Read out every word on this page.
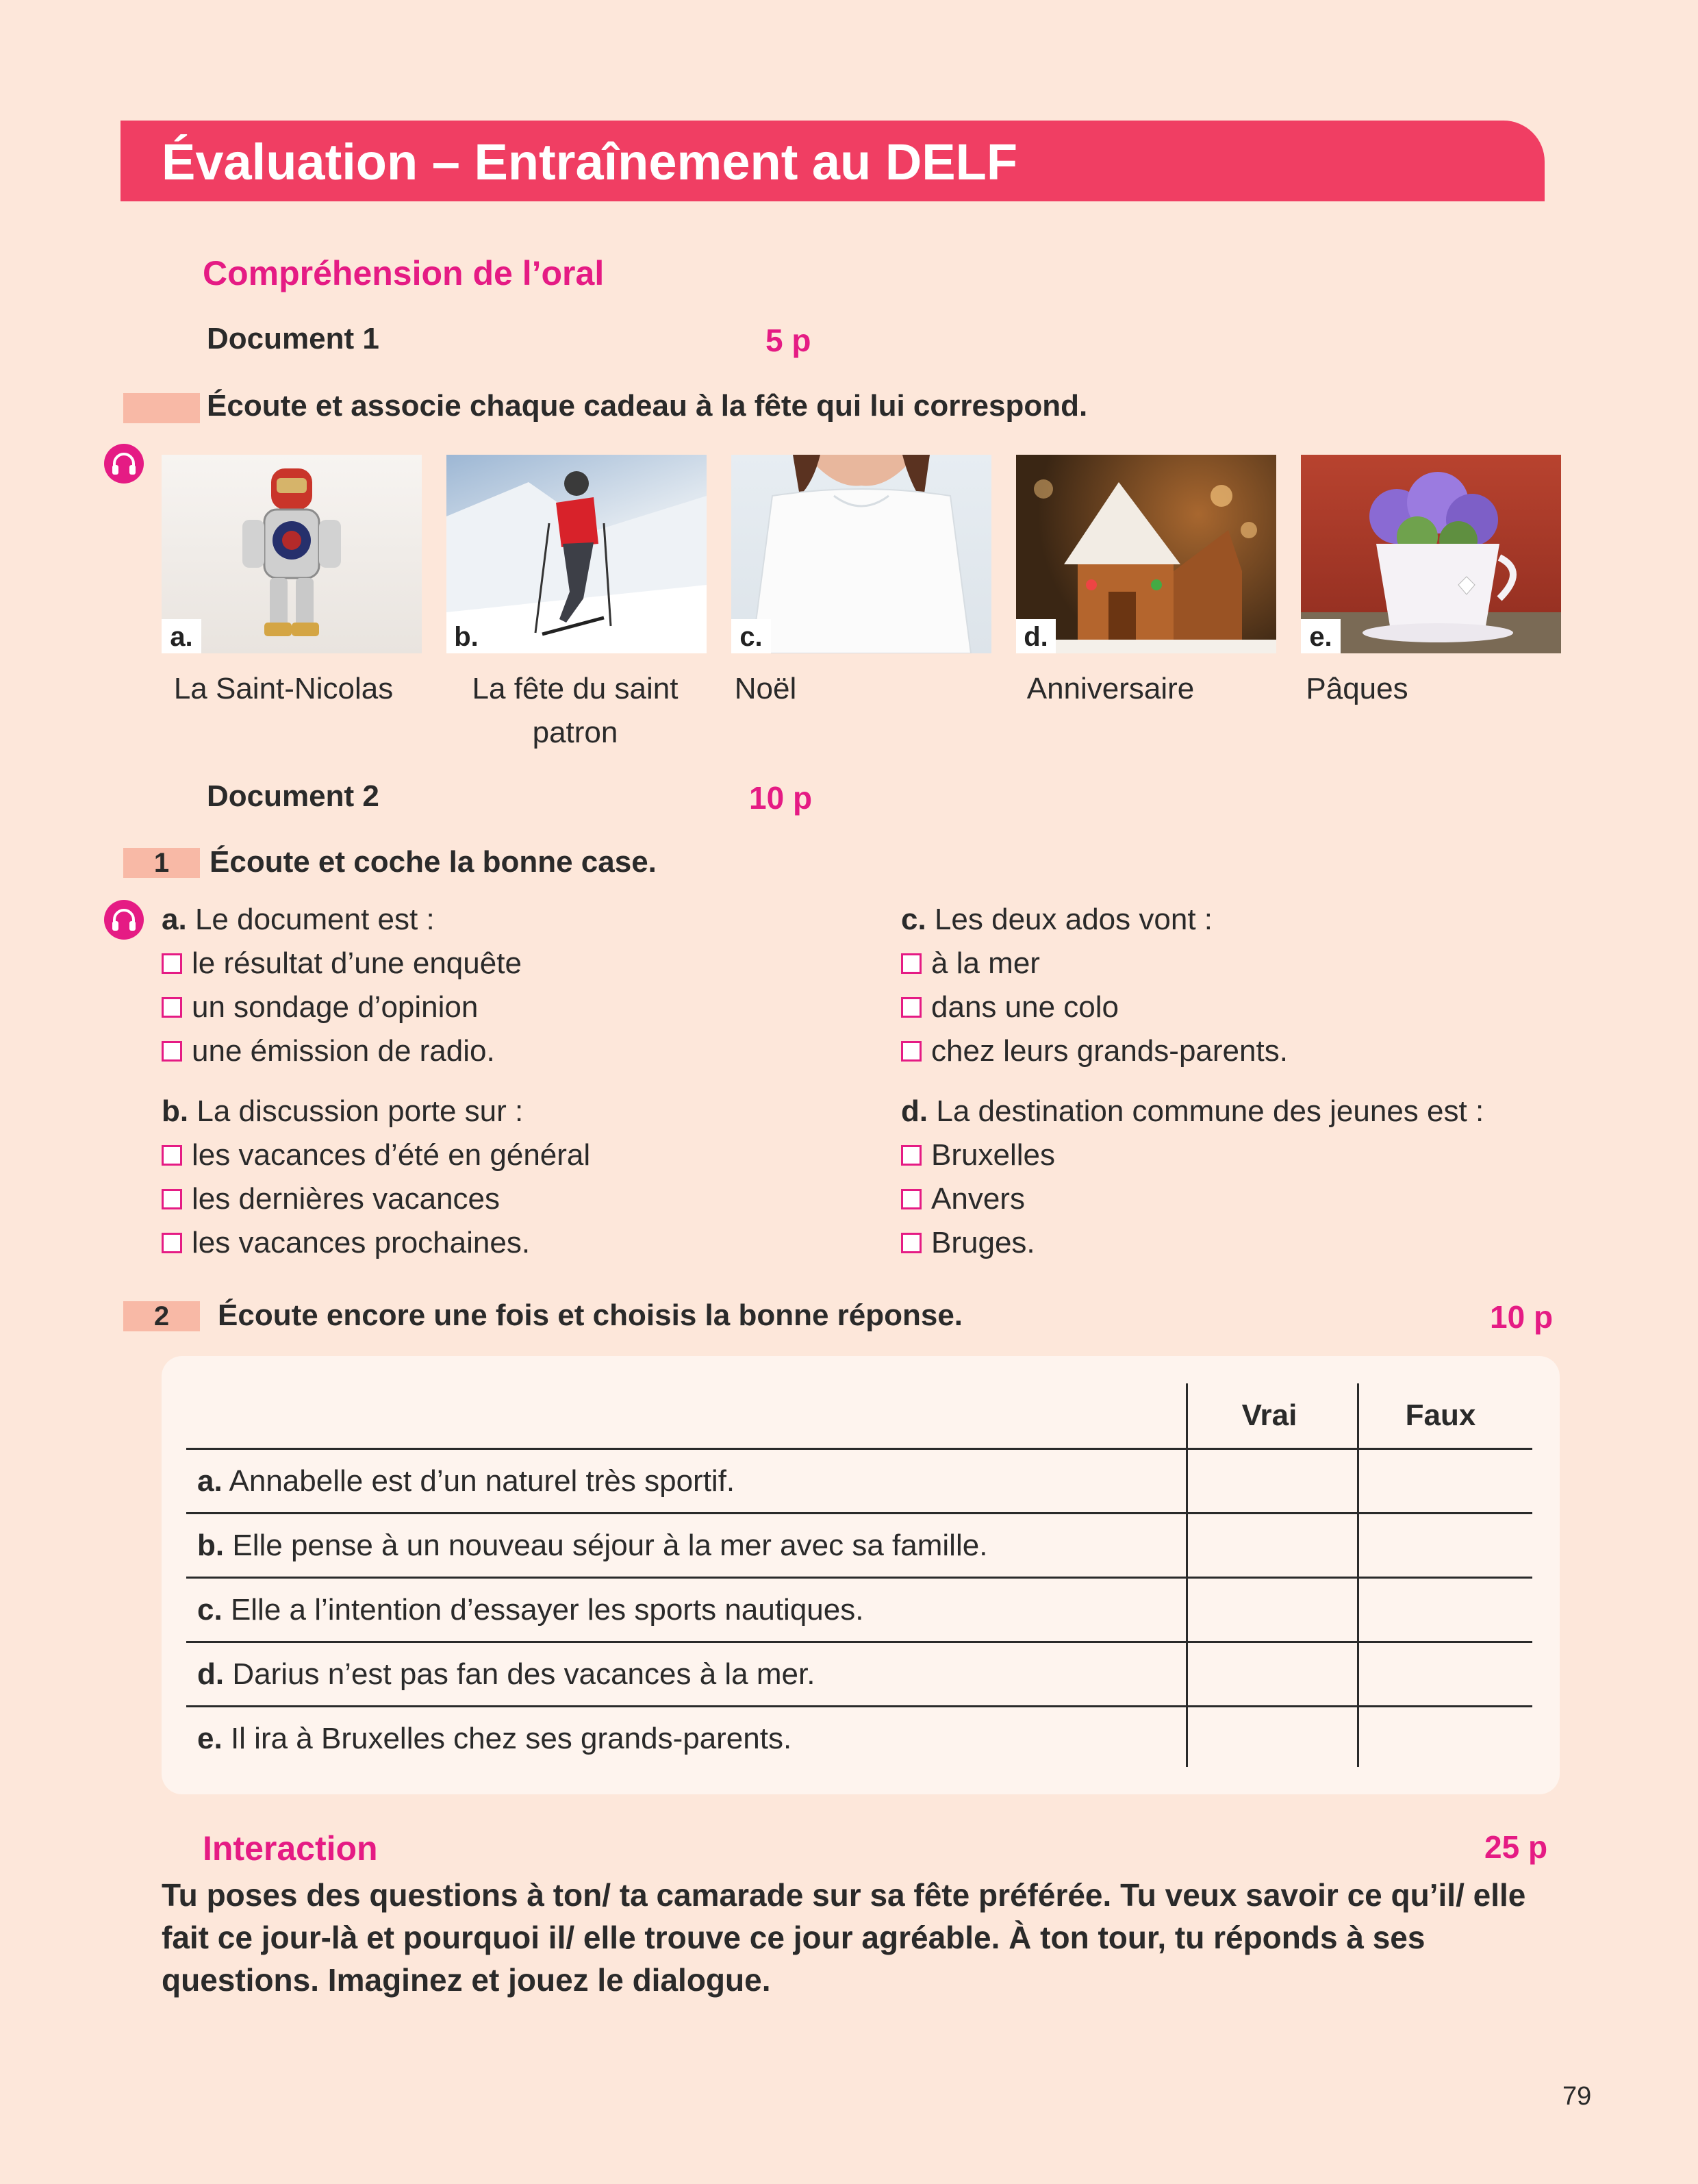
Évaluation – Entraînement au DELF
Compréhension de l’oral
Document 1	5 p
Écoute et associe chaque cadeau à la fête qui lui correspond.
a.	b.	c.	d.	e.
La Saint-Nicolas	La fête du saint patron
Noël	Anniversaire	Pâques
Document 2	10 p
1	Écoute et coche la bonne case.
a. Le document est :
le résultat d’une enquête
un sondage d’opinion
une émission de radio.
b. La discussion porte sur :
les vacances d’été en général
les dernières vacances
les vacances prochaines.
c. Les deux ados vont :
à la mer
dans une colo
chez leurs grands-parents.
d. La destination commune des jeunes est :
Bruxelles
Anvers
Bruges.
2	Écoute encore une fois et choisis la bonne réponse.	10 p
Vrai	Faux
a. Annabelle est d’un naturel très sportif.
b. Elle pense à un nouveau séjour à la mer avec sa famille.
c. Elle a l’intention d’essayer les sports nautiques.
d. Darius n’est pas fan des vacances à la mer.
e. Il ira à Bruxelles chez ses grands-parents.
Interaction	25 p
Tu poses des questions à ton/ ta camarade sur sa fête préférée. Tu veux savoir ce qu’il/ elle fait ce jour-là et pourquoi il/ elle trouve ce jour agréable. À ton tour, tu réponds à ses questions. Imaginez et jouez le dialogue.
79
